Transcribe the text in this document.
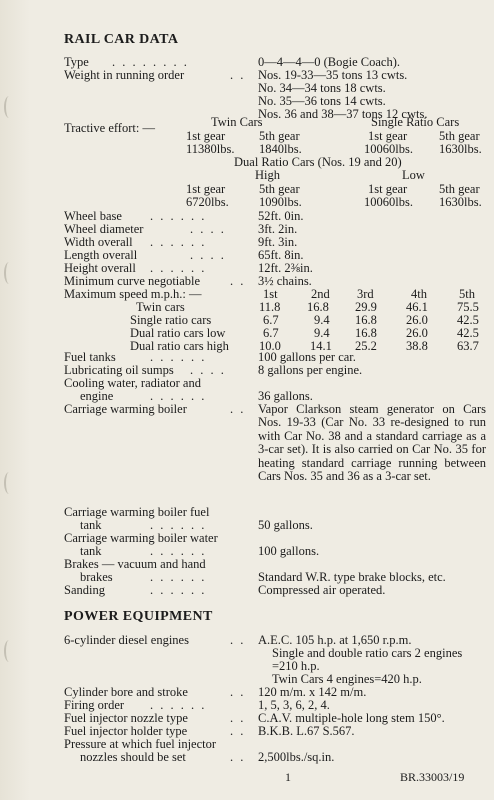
RAIL CAR DATA
Type . . . . . . . .	0—4—4—0 (Bogie Coach).
Weight in running order	. . Nos. 19-33—35 tons 13 cwts.
No. 34—34 tons 18 cwts.
No. 35—36 tons 14 cwts.
Nos. 36 and 38—37 tons 12 cwts.
Tractive effort: —	Twin Cars	Single Ratio Cars
1st gear	5th gear	1st gear	5th gear
11380lbs. 1840lbs.	10060lbs. 1630lbs.
Dual Ratio Cars (Nos. 19 and 20)
High	Low
1st gear	5th gear	1st gear	5th gear
6720lbs. 1090lbs.	10060lbs. 1630lbs.
Wheel base . . . . . .	52ft. 0in.
Wheel diameter	. . . .	3ft. 2in.
Width overall . . . . . .	9ft. 3in.
Length overall	. . . .	65ft. 8in.
Height overall . . . . . .	12ft. 2⅜in.
Minimum curve negotiable . . 3½ chains.
Maximum speed m.p.h.: —	1st	2nd 3rd	4th	5th
Twin cars	11.8 16.8 29.9 46.1 75.5
Single ratio cars	6.7	9.4 16.8 26.0 42.5
Dual ratio cars low	6.7	9.4 16.8 26.0 42.5
Dual ratio cars high 10.0 14.1 25.2 38.8 63.7
Fuel tanks	. . . . . .	100 gallons per car.
Lubricating oil sumps . . . .	8 gallons per engine.
Cooling water, radiator and
engine	. . . . . .	36 gallons.
Carriage warming boiler	. . Vapor Clarkson steam generator on Cars Nos. 19-33 (Car No. 33 re-designed to run with Car No. 38 and a standard carriage as a 3-car set). It is also carried on Car No. 35 for heating standard carriage running between Cars Nos. 35 and 36 as a 3-car set.
Carriage warming boiler fuel
tank	. . . . . .	50 gallons.
Carriage warming boiler water
tank	. . . . . .	100 gallons.
Brakes — vacuum and hand
brakes	. . . . . .	Standard W.R. type brake blocks, etc.
Sanding	. . . . . .	Compressed air operated.
POWER EQUIPMENT
6-cylinder diesel engines	. . A.E.C. 105 h.p. at 1,650 r.p.m.
Single and double ratio cars 2 engines
=210 h.p.
Twin Cars 4 engines=420 h.p.
Cylinder bore and stroke	. . 120 m/m. x 142 m/m.
Firing order . . . . . .	1, 5, 3, 6, 2, 4.
Fuel injector nozzle type	. . C.A.V. multiple-hole long stem 150°.
Fuel injector holder type	. . B.K.B. L.67 S.567.
Pressure at which fuel injector
nozzles should be set	. . 2,500lbs./sq.in.
1	BR.33003/19
